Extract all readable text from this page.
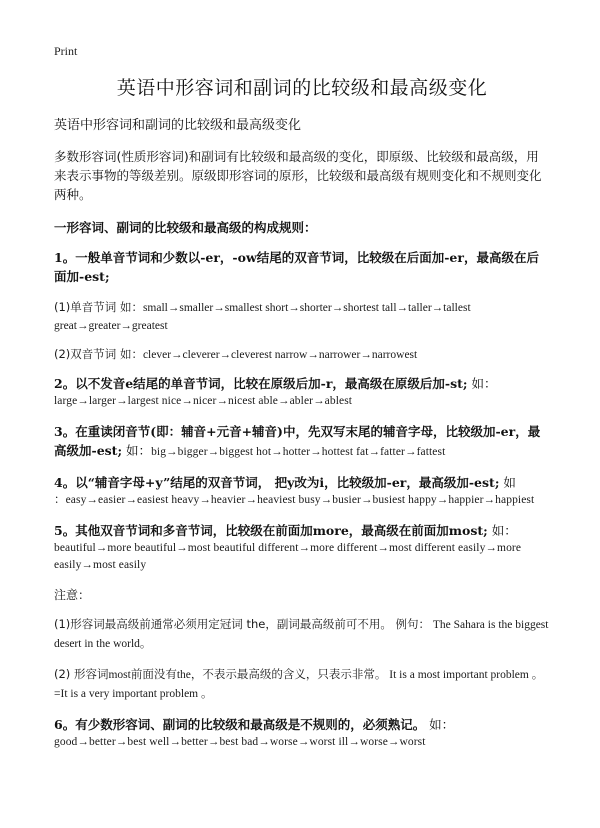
Print

英语中形容词和副词的比较级和最高级变化

英语中形容词和副词的比较级和最高级变化

多数形容词(性质形容词)和副词有比较级和最高级的变化，即原级、比较级和最高级，用来表示事物的等级差别。原级即形容词的原形，比较级和最高级有规则变化和不规则变化两种。

一形容词、副词的比较级和最高级的构成规则：

1。一般单音节词和少数以-er，-ow结尾的双音节词，比较级在后面加-er，最高级在后面加-est;

(1)单音节词 如：small→smaller→smallest short→shorter→shortest tall→taller→tallest great→greater→greatest

(2)双音节词 如：clever→cleverer→cleverest narrow→narrower→narrowest

2。以不发音e结尾的单音节词，比较在原级后加-r，最高级在原级后加-st; 如：

large→larger→largest nice→nicer→nicest able→abler→ablest

3。在重读闭音节(即：辅音+元音+辅音)中，先双写末尾的辅音字母，比较级加-er，最高级加-est; 如：big→bigger→biggest hot→hotter→hottest fat→fatter→fattest

4。以“辅音字母+y”结尾的双音节词， 把y改为i，比较级加-er，最高级加-est; 如

：easy→easier→easiest heavy→heavier→heaviest busy→busier→busiest happy→happier→happiest

5。其他双音节词和多音节词，比较级在前面加more，最高级在前面加most; 如：

beautiful→more beautiful→most beautiful different→more different→most different easily→more easily→most easily

注意：

(1)形容词最高级前通常必须用定冠词 the，副词最高级前可不用。 例句： The Sahara is the biggest desert in the world。

(2) 形容词most前面没有the，不表示最高级的含义，只表示非常。 It is a most important problem 。 =It is a very important problem 。

6。有少数形容词、副词的比较级和最高级是不规则的，必须熟记。 如：

good→better→best well→better→best bad→worse→worst ill→worse→worst
